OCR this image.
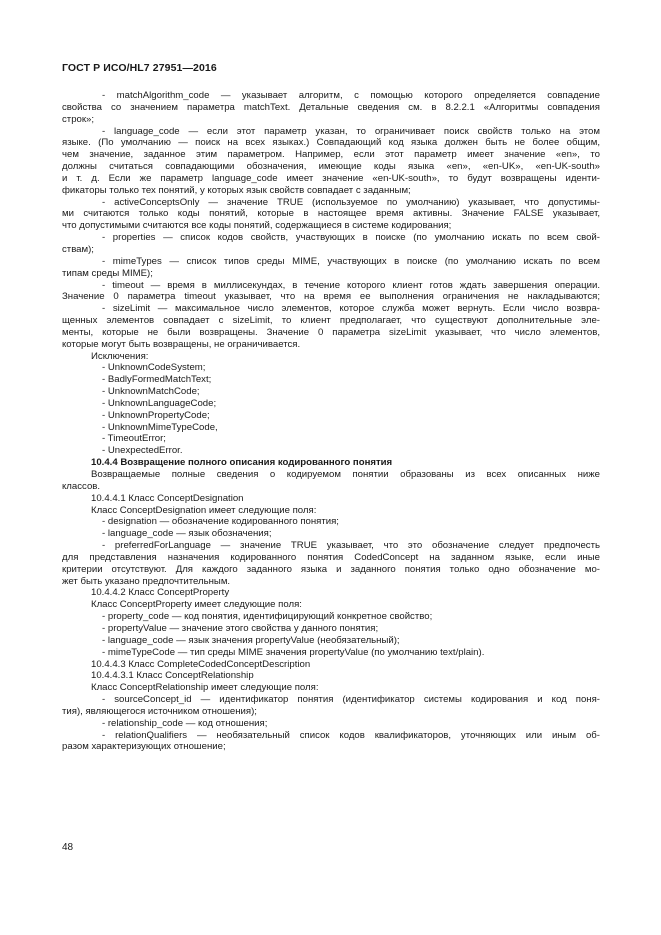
ГОСТ Р ИСО/HL7 27951—2016
- matchAlgorithm_code — указывает алгоритм, с помощью которого определяется совпадение
свойства со значением параметра matchText. Детальные сведения см. в 8.2.2.1 «Алгоритмы совпадения
строк»;
- language_code — если этот параметр указан, то ограничивает поиск свойств только на этом
языке. (По умолчанию — поиск на всех языках.) Совпадающий код языка должен быть не более общим,
чем значение, заданное этим параметром. Например, если этот параметр имеет значение «en», то
должны считаться совпадающими обозначения, имеющие коды языка «en», «en-UK», «en-UK-south»
и т. д. Если же параметр language_code имеет значение «en-UK-south», то будут возвращены иденти-
фикаторы только тех понятий, у которых язык свойств совпадает с заданным;
- activeConceptsOnly — значение TRUE (используемое по умолчанию) указывает, что допустимы-
ми считаются только коды понятий, которые в настоящее время активны. Значение FALSE указывает,
что допустимыми считаются все коды понятий, содержащиеся в системе кодирования;
- properties — список кодов свойств, участвующих в поиске (по умолчанию искать по всем свой-
ствам);
- mimeTypes — список типов среды MIME, участвующих в поиске (по умолчанию искать по всем
типам среды MIME);
- timeout — время в миллисекундах, в течение которого клиент готов ждать завершения операции.
Значение 0 параметра timeout указывает, что на время ее выполнения ограничения не накладываются;
- sizeLimit — максимальное число элементов, которое служба может вернуть. Если число возвра-
щенных элементов совпадает с sizeLimit, то клиент предполагает, что существуют дополнительные эле-
менты, которые не были возвращены. Значение 0 параметра sizeLimit указывает, что число элементов,
которые могут быть возвращены, не ограничивается.
Исключения:
- UnknownCodeSystem;
- BadlyFormedMatchText;
- UnknownMatchCode;
- UnknownLanguageCode;
- UnknownPropertyCode;
- UnknownMimeTypeCode,
- TimeoutError;
- UnexpectedError.
10.4.4 Возвращение полного описания кодированного понятия
Возвращаемые полные сведения о кодируемом понятии образованы из всех описанных ниже
классов.
10.4.4.1 Класс ConceptDesignation
Класс ConceptDesignation имеет следующие поля:
- designation — обозначение кодированного понятия;
- language_code — язык обозначения;
- preferredForLanguage — значение TRUE указывает, что это обозначение следует предпочесть
для представления назначения кодированного понятия CodedConcept на заданном языке, если иные
критерии отсутствуют. Для каждого заданного языка и заданного понятия только одно обозначение мо-
жет быть указано предпочтительным.
10.4.4.2 Класс ConceptProperty
Класс ConceptProperty имеет следующие поля:
- property_code — код понятия, идентифицирующий конкретное свойство;
- propertyValue — значение этого свойства у данного понятия;
- language_code — язык значения propertyValue (необязательный);
- mimeTypeCode — тип среды MIME значения propertyValue (по умолчанию text/plain).
10.4.4.3 Класс CompleteCodedConceptDescription
10.4.4.3.1 Класс ConceptRelationship
Класс ConceptRelationship имеет следующие поля:
- sourceConcept_id — идентификатор понятия (идентификатор системы кодирования и код поня-
тия), являющегося источником отношения);
- relationship_code — код отношения;
- relationQualifiers — необязательный список кодов квалификаторов, уточняющих или иным об-
разом характеризующих отношение;
48
